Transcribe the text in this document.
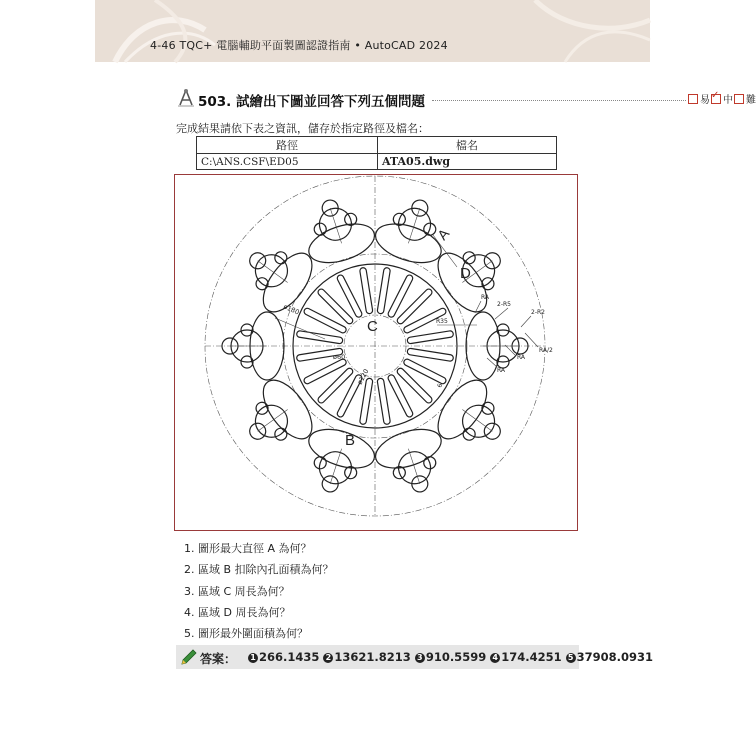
4-46 TQC+ 電腦輔助平面製圖認證指南 • AutoCAD 2024
503. 試繪出下圖並回答下列五個問題	易
✓ 中 難
完成結果請依下表之資訊，儲存於指定路徑及檔名：
路徑	檔名
C:\ANS.CSF\ED05	ATA05.dwg
C
B
D
A
ø180
ø60
ø120
R35
RA
2-R5
2-R2
RA
RA
RA/2
6
1. 圖形最大直徑 A 為何？
2. 區域 B 扣除內孔面積為何？
3. 區域 C 周長為何？
4. 區域 D 周長為何？
5. 圖形最外圍面積為何？
答案： 1 266.1435 2 13621.8213 3 910.5599 4 174.4251 5 37908.0931
